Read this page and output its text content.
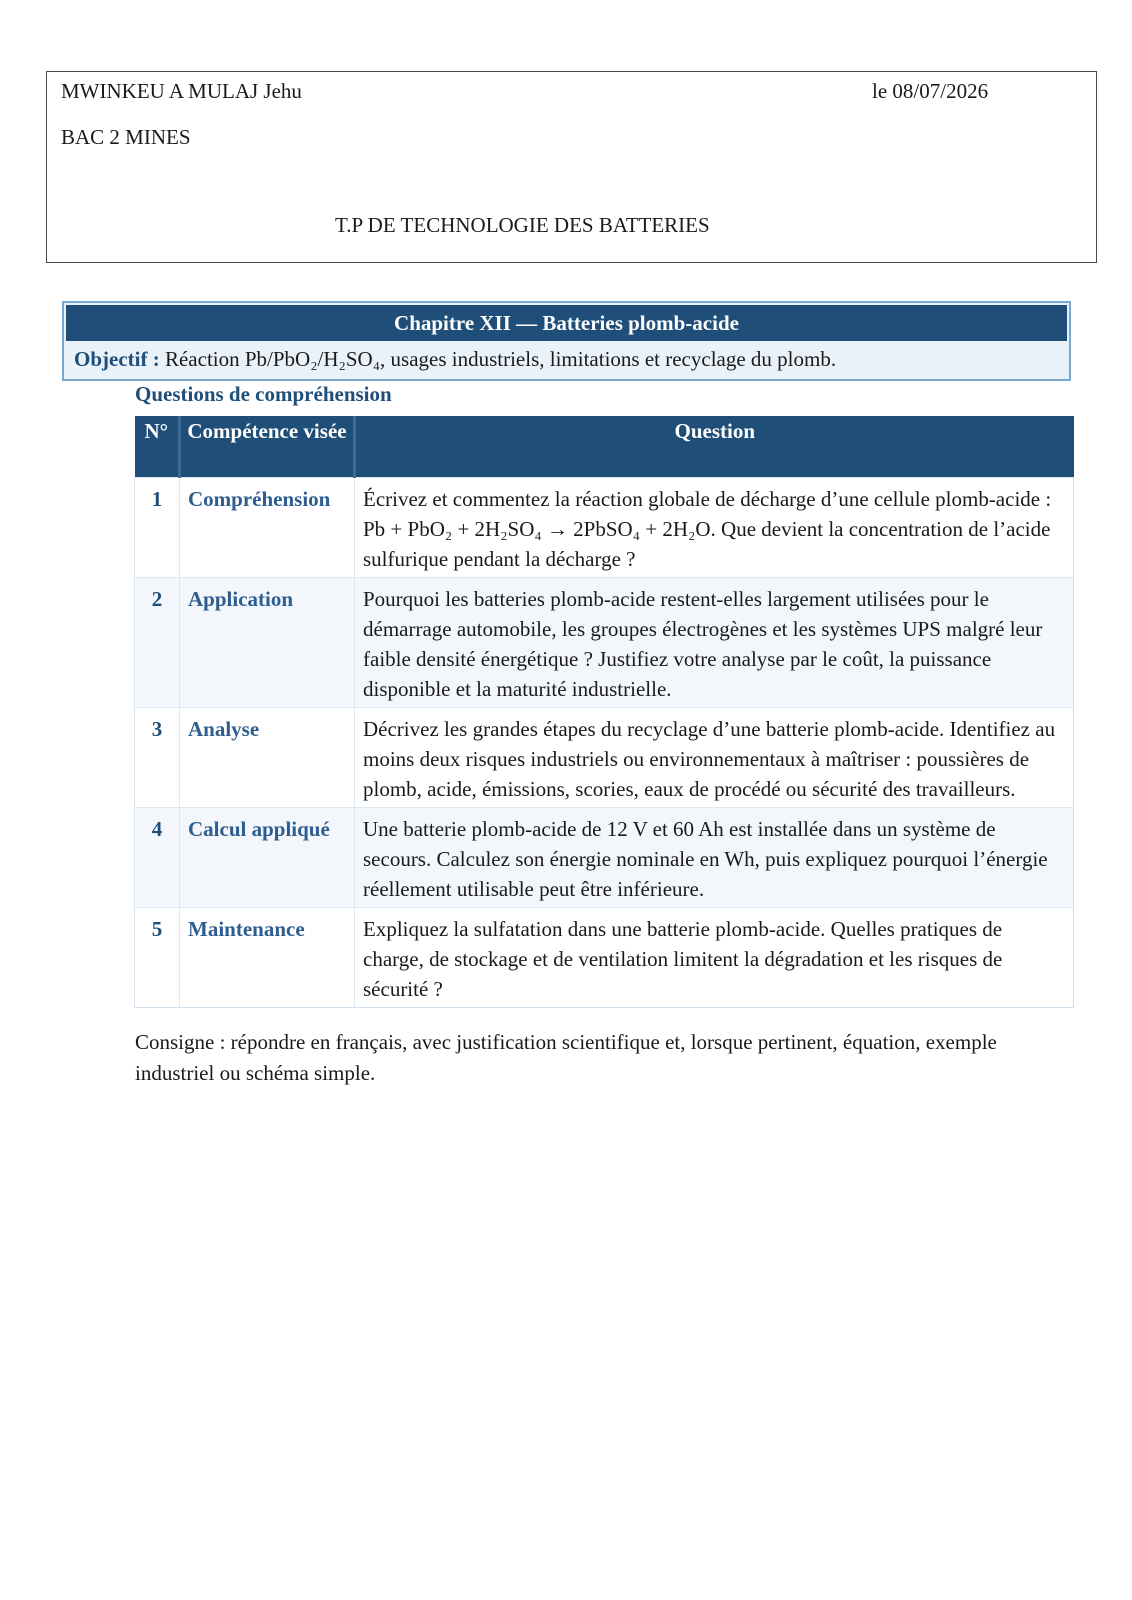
MWINKEU A MULAJ Jehu	le 08/07/2026
BAC 2 MINES
T.P DE TECHNOLOGIE DES BATTERIES
Chapitre XII — Batteries plomb-acide
Objectif : Réaction Pb/PbO₂/H₂SO₄, usages industriels, limitations et recyclage du plomb.
Questions de compréhension
N°	Compétence visée	Question
1	Compréhension	Écrivez et commentez la réaction globale de décharge d’une cellule plomb-acide : Pb + PbO₂ + 2H₂SO₄ → 2PbSO₄ + 2H₂O. Que devient la concentration de l’acide sulfurique pendant la décharge ?
2	Application	Pourquoi les batteries plomb-acide restent-elles largement utilisées pour le démarrage automobile, les groupes électrogènes et les systèmes UPS malgré leur faible densité énergétique ? Justifiez votre analyse par le coût, la puissance disponible et la maturité industrielle.
3	Analyse	Décrivez les grandes étapes du recyclage d’une batterie plomb-acide. Identifiez au moins deux risques industriels ou environnementaux à maîtriser : poussières de plomb, acide, émissions, scories, eaux de procédé ou sécurité des travailleurs.
4	Calcul appliqué	Une batterie plomb-acide de 12 V et 60 Ah est installée dans un système de secours. Calculez son énergie nominale en Wh, puis expliquez pourquoi l’énergie réellement utilisable peut être inférieure.
5	Maintenance	Expliquez la sulfatation dans une batterie plomb-acide. Quelles pratiques de charge, de stockage et de ventilation limitent la dégradation et les risques de sécurité ?
Consigne : répondre en français, avec justification scientifique et, lorsque pertinent, équation, exemple industriel ou schéma simple.
